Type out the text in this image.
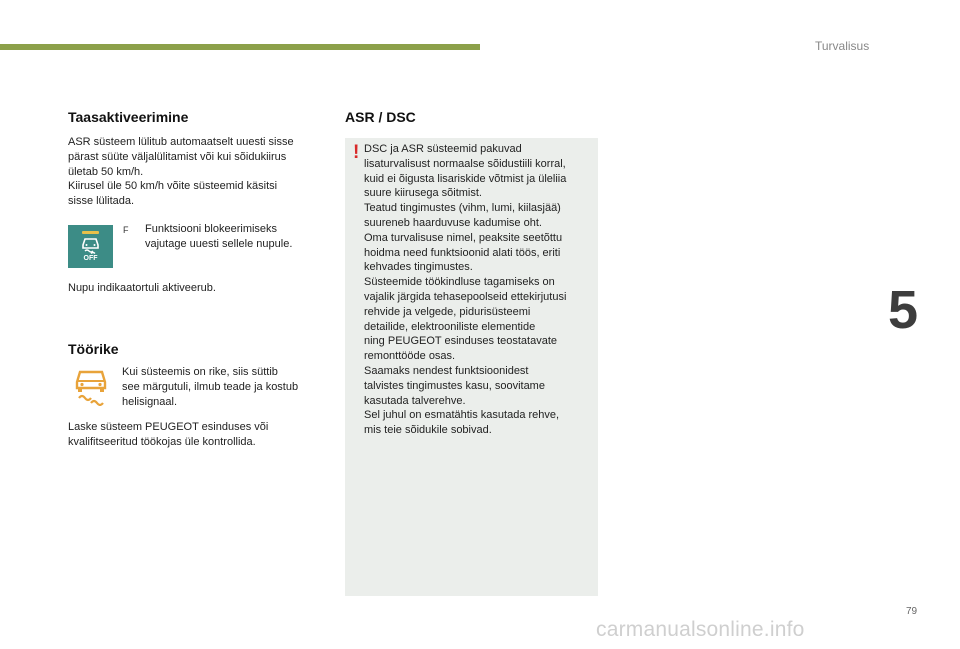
Turvalisus
Taasaktiveerimine
ASR süsteem lülitub automaatselt uuesti sisse
pärast süüte väljalülitamist või kui sõidukiirus
ületab 50 km/h.
Kiirusel üle 50 km/h võite süsteemid käsitsi
sisse lülitada.
OFF
F Funktsiooni blokeerimiseks
vajutage uuesti sellele nupule.
Nupu indikaatortuli aktiveerub.
Töörike
Kui süsteemis on rike, siis süttib
see märgutuli, ilmub teade ja kostub
helisignaal.
Laske süsteem PEUGEOT esinduses või
kvalifitseeritud töökojas üle kontrollida.
ASR / DSC
! DSC ja ASR süsteemid pakuvad
lisaturvalisust normaalse sõidustiili korral,
kuid ei õigusta lisariskide võtmist ja üleliia
suure kiirusega sõitmist.
Teatud tingimustes (vihm, lumi, kiilasjää)
suureneb haarduvuse kadumise oht.
Oma turvalisuse nimel, peaksite seetõttu
hoidma need funktsioonid alati töös, eriti
kehvades tingimustes.
Süsteemide töökindluse tagamiseks on
vajalik järgida tehasepoolseid ettekirjutusi
rehvide ja velgede, pidurisüsteemi
detailide, elektrooniliste elementide
ning PEUGEOT esinduses teostatavate
remonttööde osas.
Saamaks nendest funktsioonidest
talvistes tingimustes kasu, soovitame
kasutada talverehve.
Sel juhul on esmatähtis kasutada rehve,
mis teie sõidukile sobivad.
5
79
carmanualsonline.info
